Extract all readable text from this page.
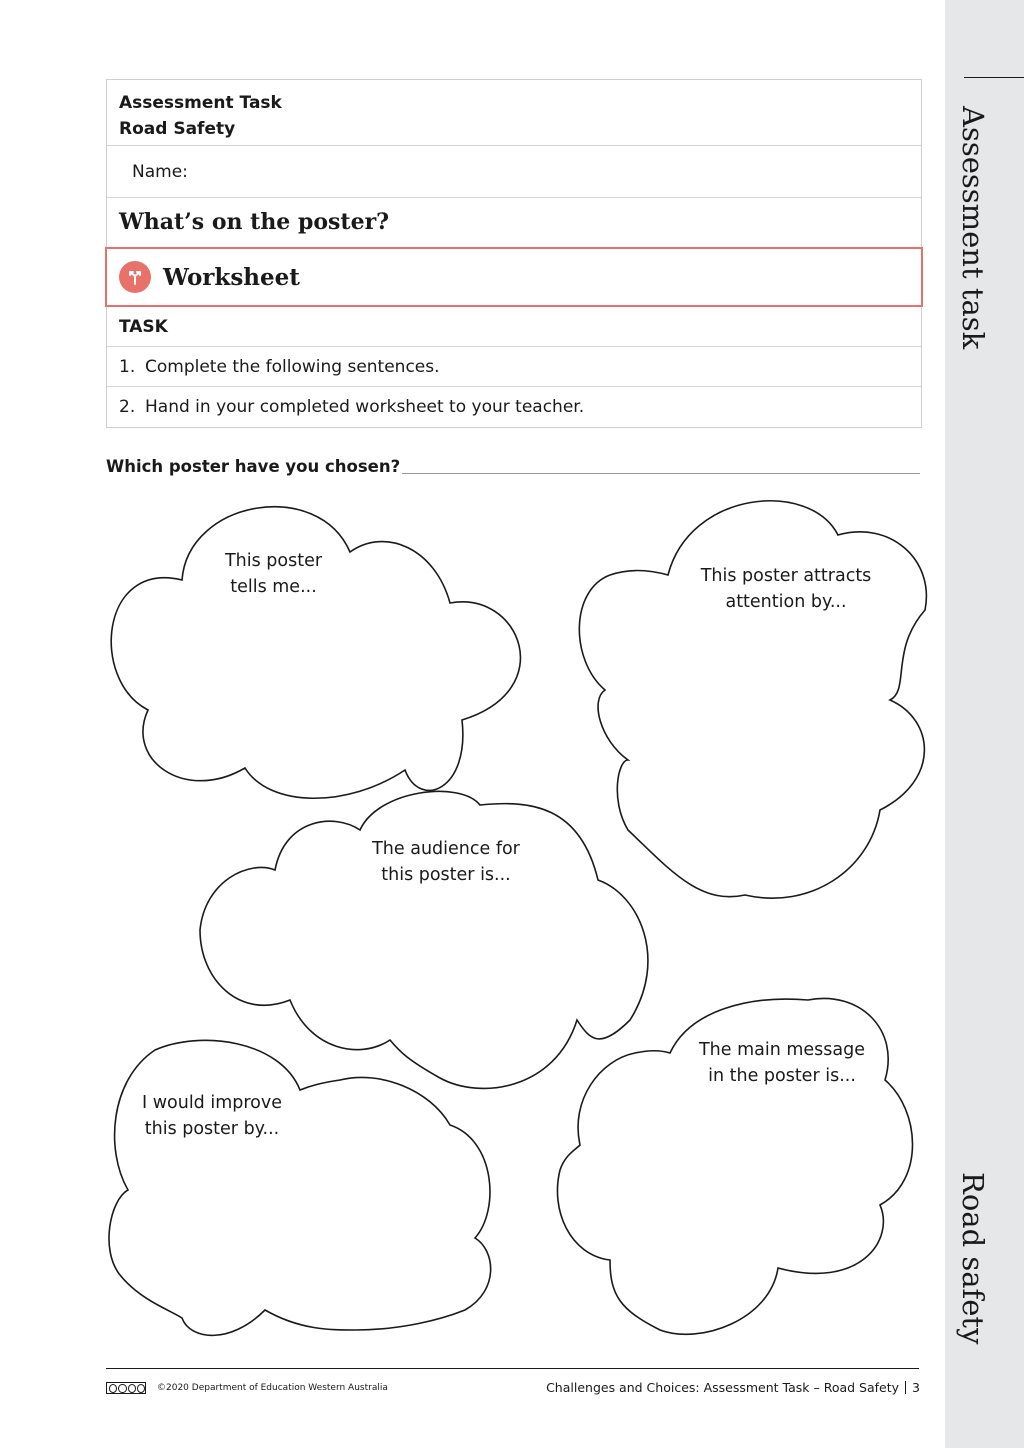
Assessment task
Road safety
Assessment Task
Road Safety
Name:
What’s on the poster?
Worksheet
TASK
1. Complete the following sentences.
2. Hand in your completed worksheet to your teacher.
Which poster have you chosen?
This poster
tells me...
This poster attracts
attention by...
The audience for
this poster is...
The main message
in the poster is...
I would improve
this poster by...
©2020 Department of Education Western Australia	Challenges and Choices: Assessment Task – Road Safety 3
